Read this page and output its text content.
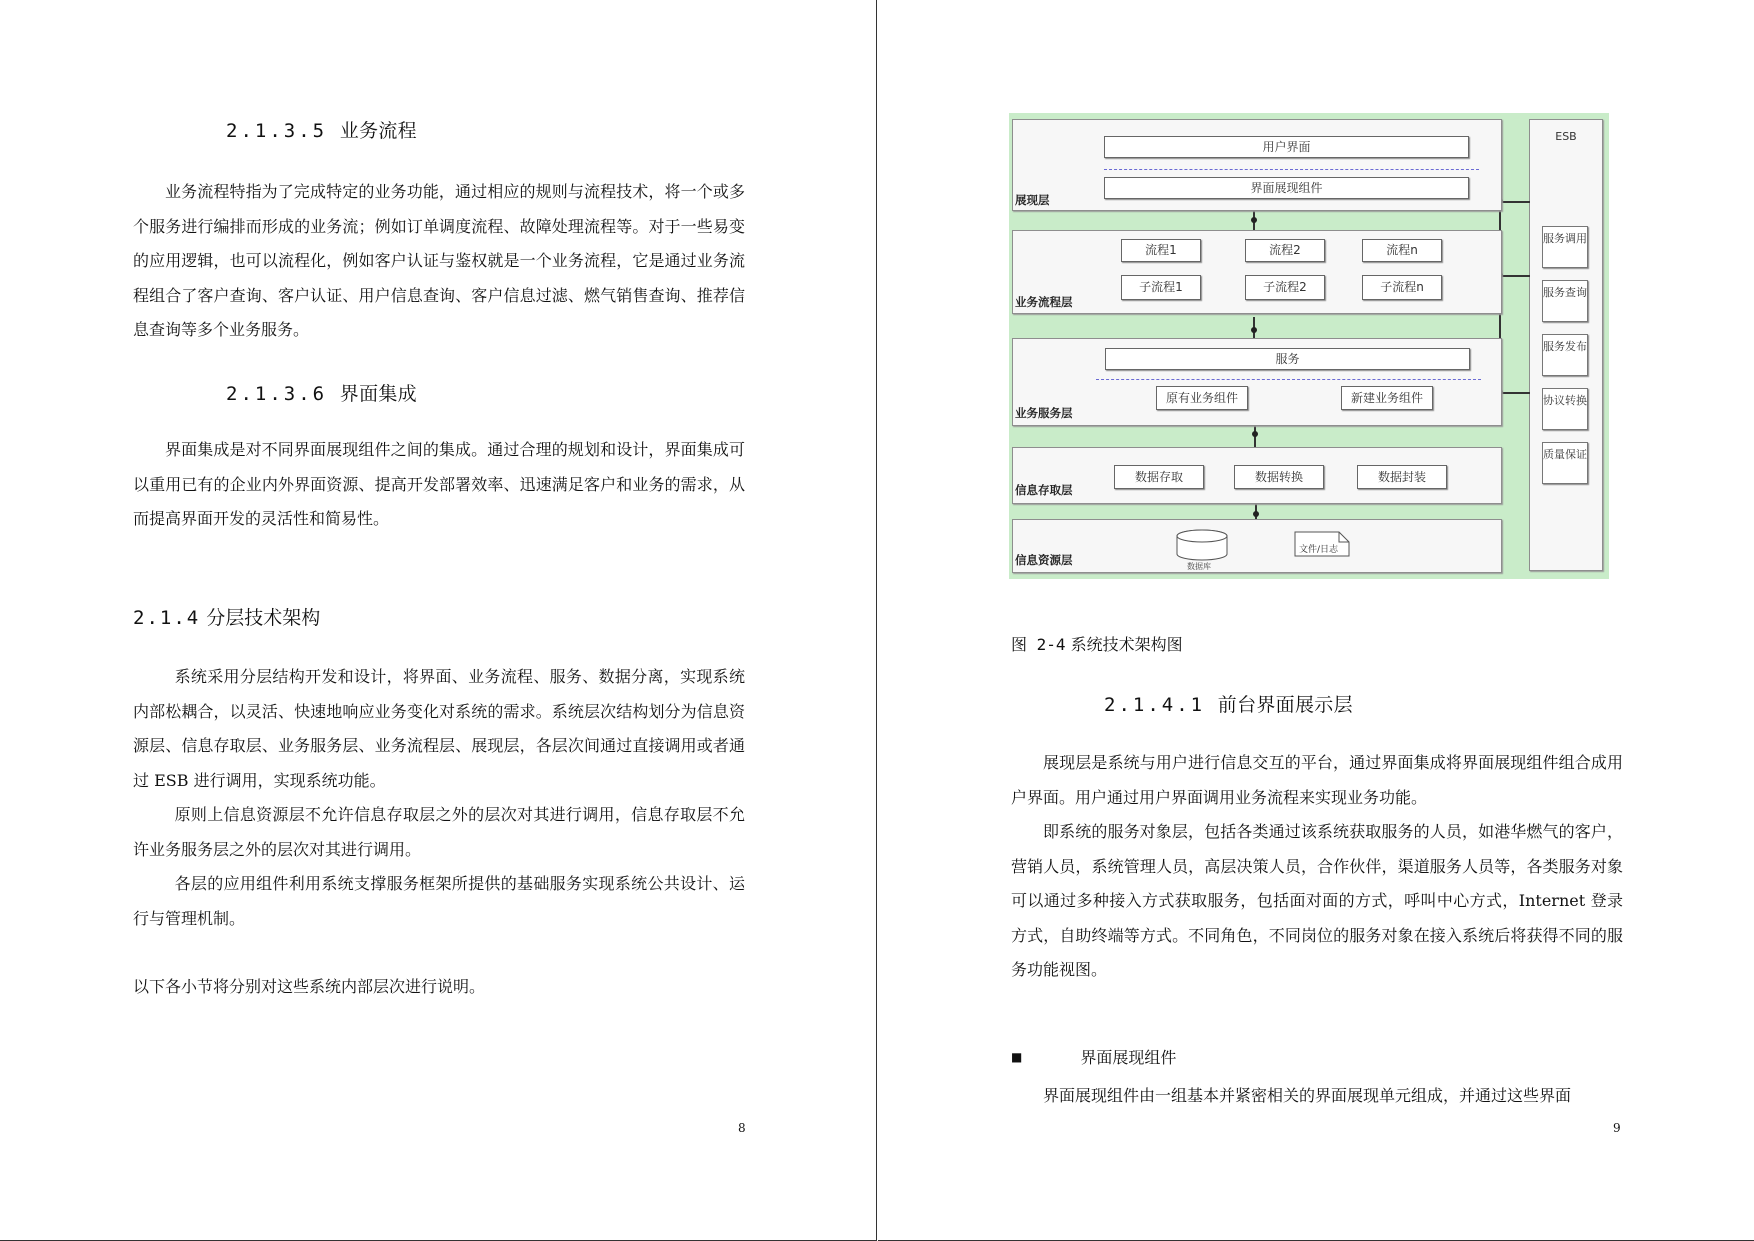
2.1.3.5 业务流程

业务流程特指为了完成特定的业务功能，通过相应的规则与流程技术，将一个或多个服务进行编排而形成的业务流；例如订单调度流程、故障处理流程等。对于一些易变的应用逻辑，也可以流程化，例如客户认证与鉴权就是一个业务流程，它是通过业务流程组合了客户查询、客户认证、用户信息查询、客户信息过滤、燃气销售查询、推荐信息查询等多个业务服务。

2.1.3.6 界面集成

界面集成是对不同界面展现组件之间的集成。通过合理的规划和设计，界面集成可以重用已有的企业内外界面资源、提高开发部署效率、迅速满足客户和业务的需求，从而提高界面开发的灵活性和简易性。

2.1.4 分层技术架构

系统采用分层结构开发和设计，将界面、业务流程、服务、数据分离，实现系统内部松耦合，以灵活、快速地响应业务变化对系统的需求。系统层次结构划分为信息资源层、信息存取层、业务服务层、业务流程层、展现层，各层次间通过直接调用或者通过 ESB 进行调用，实现系统功能。

原则上信息资源层不允许信息存取层之外的层次对其进行调用，信息存取层不允许业务服务层之外的层次对其进行调用。

各层的应用组件利用系统支撑服务框架所提供的基础服务实现系统公共设计、运行与管理机制。

以下各小节将分别对这些系统内部层次进行说明。

8
ESB
服务调用
服务查询
服务发布
协议转换
质量保证
用户界面
界面展现组件
展现层
流程1	流程2	流程n
子流程1	子流程2	子流程n
业务流程层
服务
原有业务组件	新建业务组件
业务服务层
数据存取	数据转换	数据封装
信息存取层
数据库
文件/日志
信息资源层
图 2-4 系统技术架构图
2.1.4.1 前台界面展示层

展现层是系统与用户进行信息交互的平台，通过界面集成将界面展现组件组合成用户界面。用户通过用户界面调用业务流程来实现业务功能。

即系统的服务对象层，包括各类通过该系统获取服务的人员，如港华燃气的客户，营销人员，系统管理人员，高层决策人员，合作伙伴，渠道服务人员等，各类服务对象可以通过多种接入方式获取服务，包括面对面的方式，呼叫中心方式，Internet 登录方式，自助终端等方式。不同角色，不同岗位的服务对象在接入系统后将获得不同的服务功能视图。

■	界面展现组件

界面展现组件由一组基本并紧密相关的界面展现单元组成，并通过这些界面

9
